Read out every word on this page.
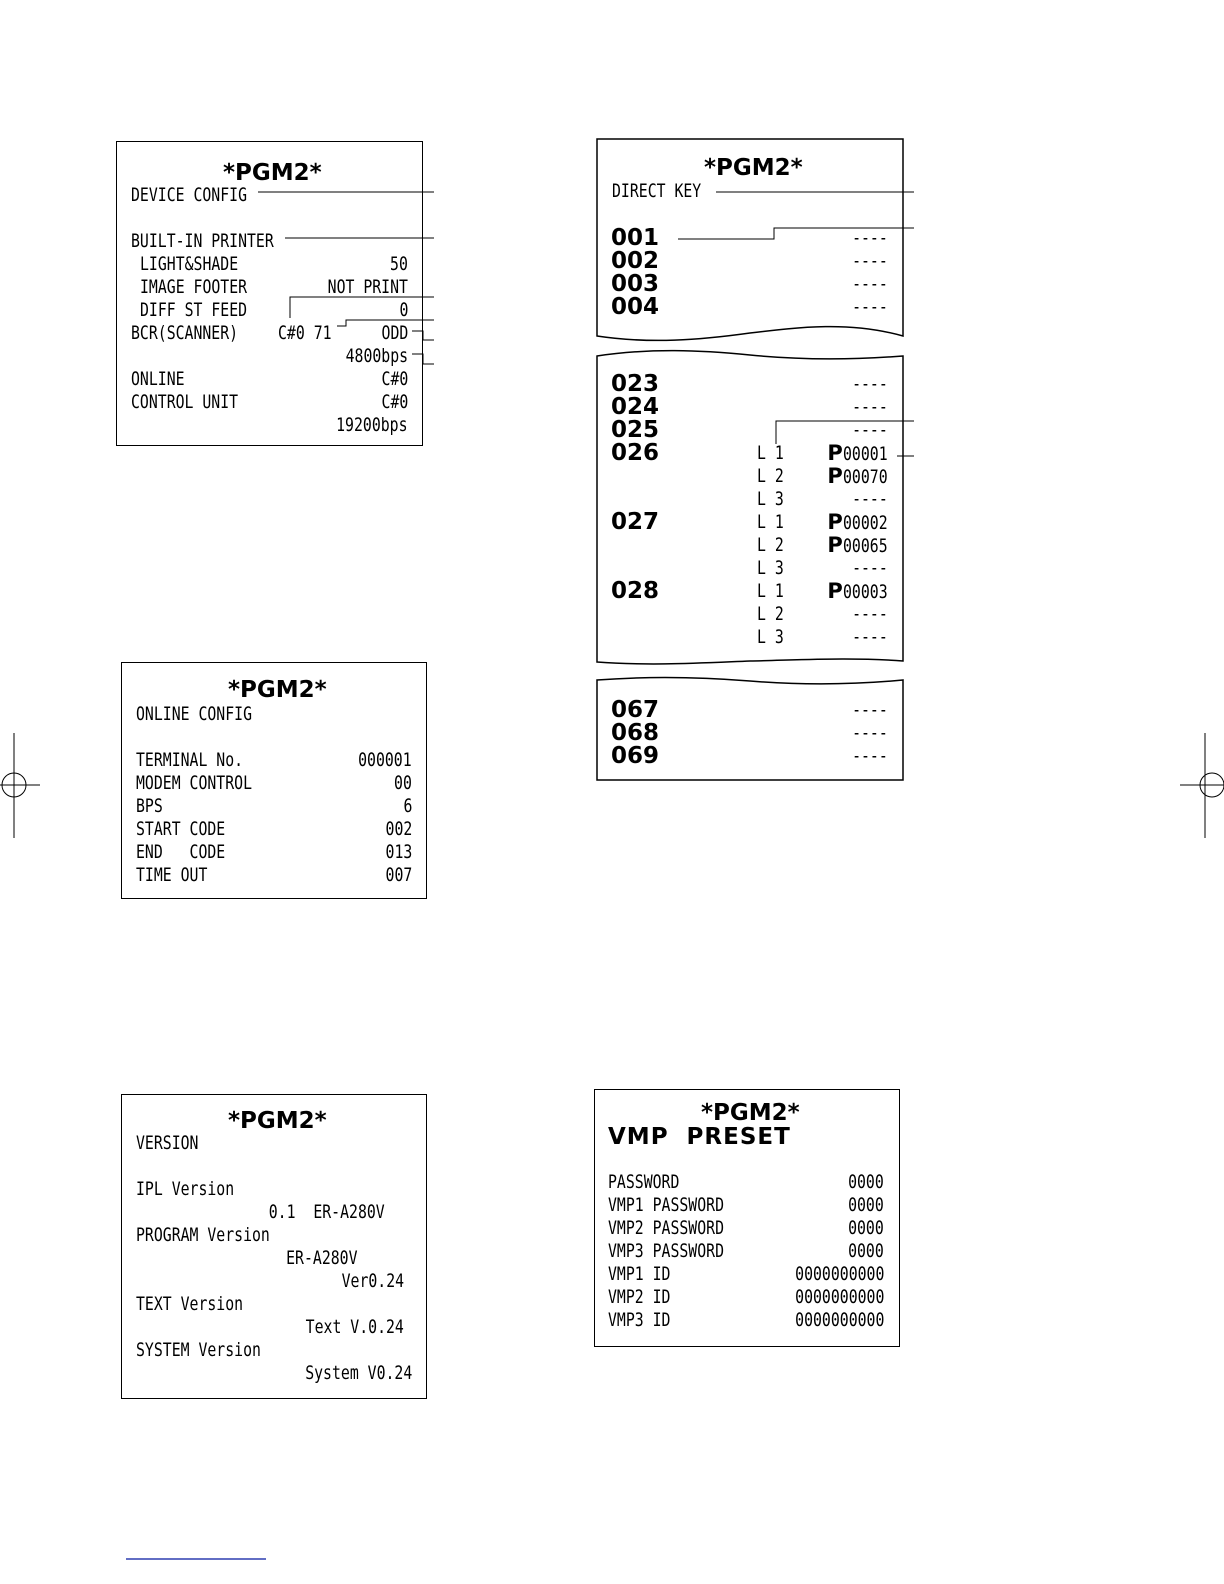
*PGM2*
DEVICE CONFIG
BUILT-IN PRINTER
LIGHT&SHADE	50
IMAGE FOOTER	NOT PRINT
DIFF ST FEED	0
BCR(SCANNER) C#0 71	ODD
4800bps
ONLINE	C#0
CONTROL UNIT	C#0
19200bps
*PGM2*
ONLINE CONFIG
TERMINAL No.	000001
MODEM CONTROL	00
BPS	6
START CODE	002
END   CODE	013
TIME OUT	007
*PGM2*
VERSION
IPL Version
0.1  ER-A280V
PROGRAM Version
ER-A280V
Ver0.24
TEXT Version
Text V.0.24
SYSTEM Version
System V0.24
*PGM2*
DIRECT KEY
001	----
002	----
003	----
004	----
023	----
024	----
025	----
026	L 1 P00001
L 2 P00070
L 3	----
027	L 1 P00002
L 2 P00065
L 3	----
028	L 1 P00003
L 2	----
L 3	----
067	----
068	----
069	----
*PGM2*
VMP  PRESET
PASSWORD	0000
VMP1 PASSWORD	0000
VMP2 PASSWORD	0000
VMP3 PASSWORD	0000
VMP1 ID	0000000000
VMP2 ID	0000000000
VMP3 ID	0000000000
